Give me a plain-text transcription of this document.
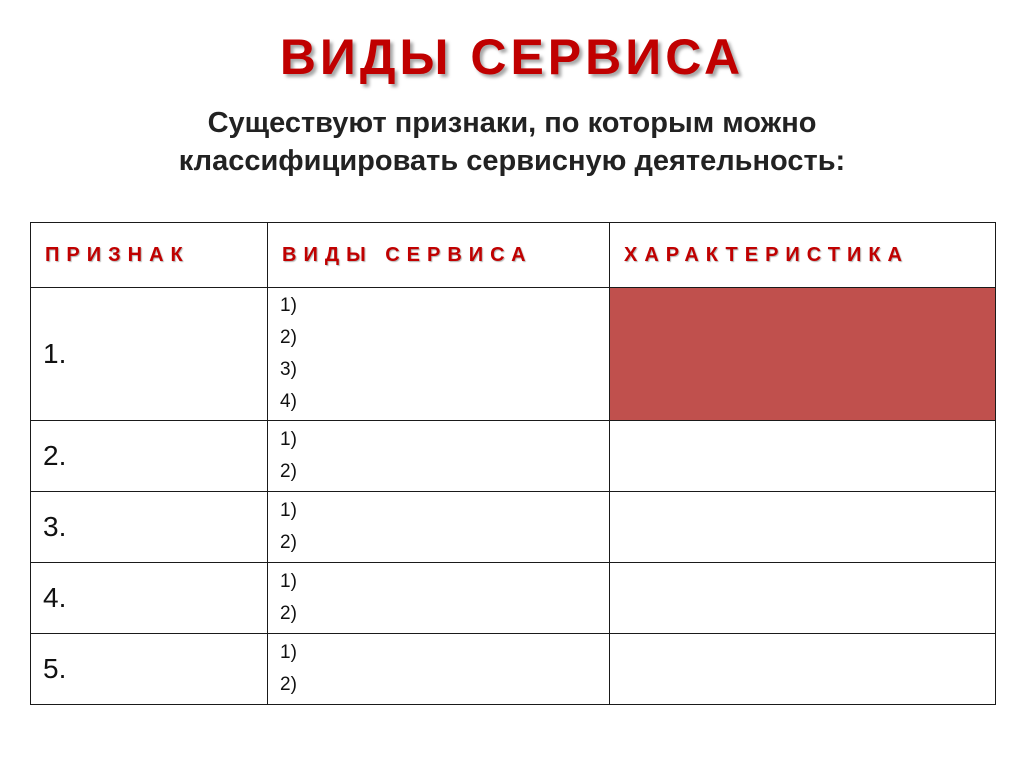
ВИДЫ СЕРВИСА
Существуют признаки, по которым можно
классифицировать сервисную деятельность:
ПРИЗНАК	ВИДЫ СЕРВИСА	ХАРАКТЕРИСТИКА
1.	1)
2)
3)
4)	

2.	1)
2)	

3.	1)
2)	

4.	1)
2)	

5.	1)
2)	
